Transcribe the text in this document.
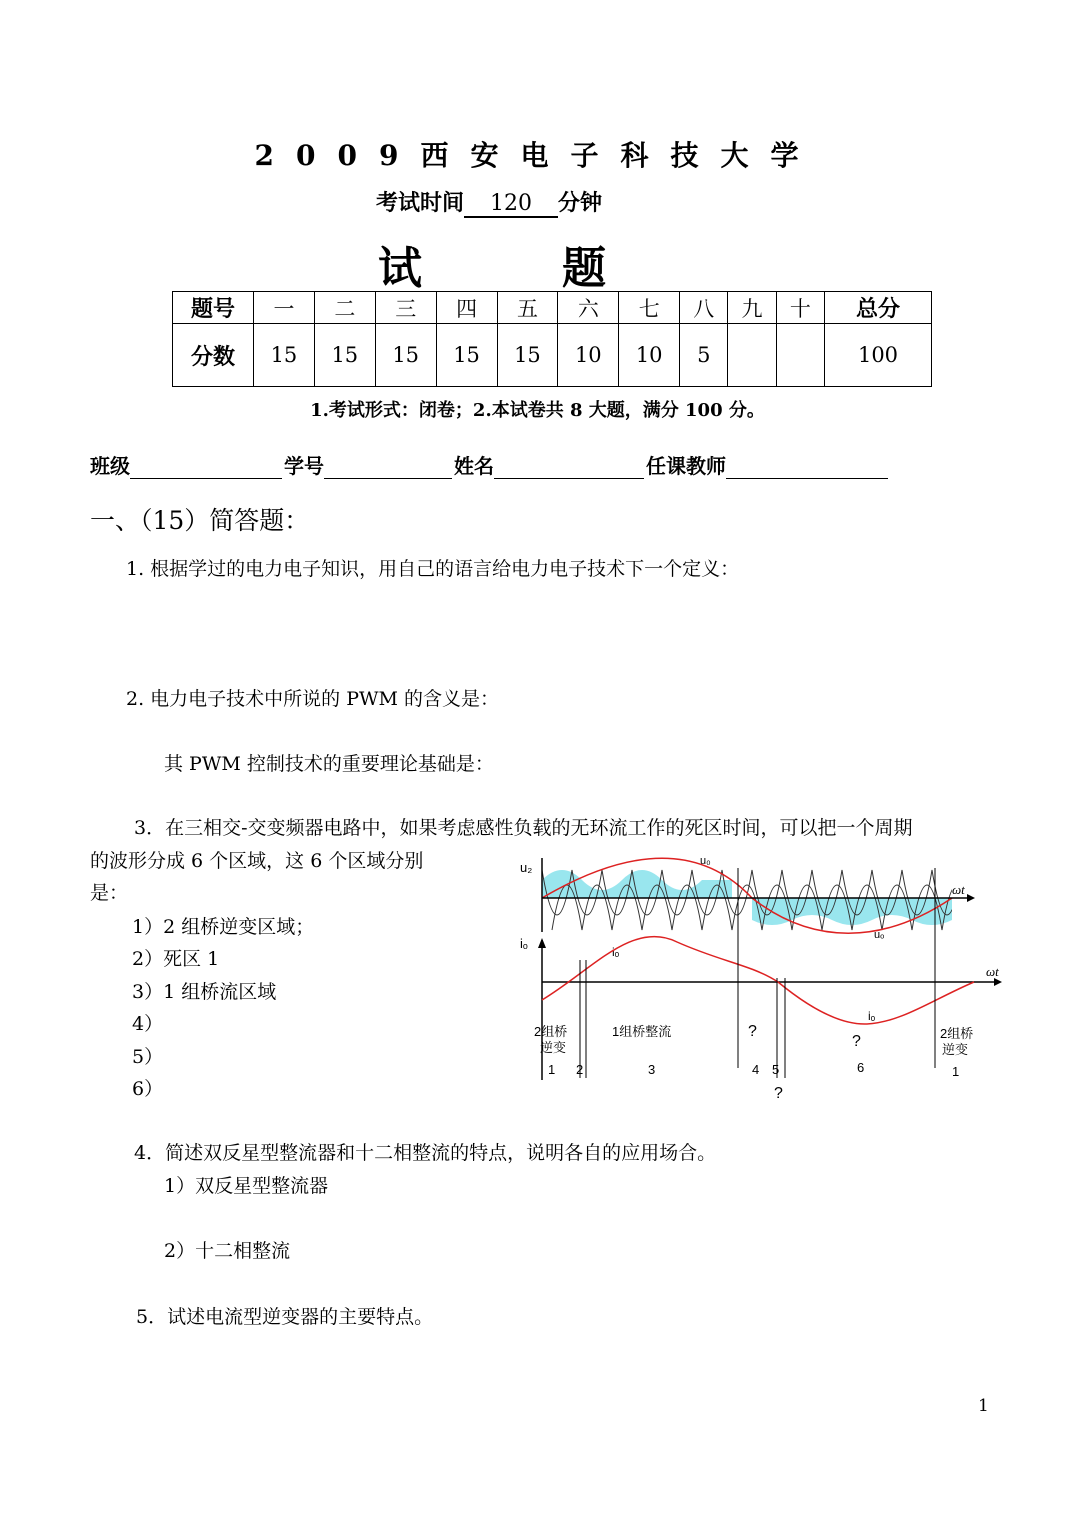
2009西安电子科技大学
考试时间 120 分钟
试	题
题号	一	二	三	四	五	六	七	八	九	十	总分
分数	15	15	15	15	15	10	10	5			100
1.考试形式：闭卷；2.本试卷共 8 大题，满分 100 分。
班级	学号	姓名	任课教师
一、（15）简答题：
1. 根据学过的电力电子知识，用自己的语言给电力电子技术下一个定义：
2. 电力电子技术中所说的 PWM 的含义是：
其 PWM 控制技术的重要理论基础是：
3．在三相交-交变频器电路中，如果考虑感性负载的无环流工作的死区时间，可以把一个周期
的波形分成 6 个区域，这 6 个区域分别
是：
1）2 组桥逆变区域；
2）死区 1
3）1 组桥流区域
4）
5）
6）
u₂	u₀
ωt
uₒ
iₒ
iₒ
ωt
iₒ
2组桥
逆变
1组桥整流	?
?
?
2组桥
逆变
1 2	3	4 5	6	1
4．简述双反星型整流器和十二相整流的特点，说明各自的应用场合。
1）双反星型整流器
2）十二相整流
5．试述电流型逆变器的主要特点。
1
